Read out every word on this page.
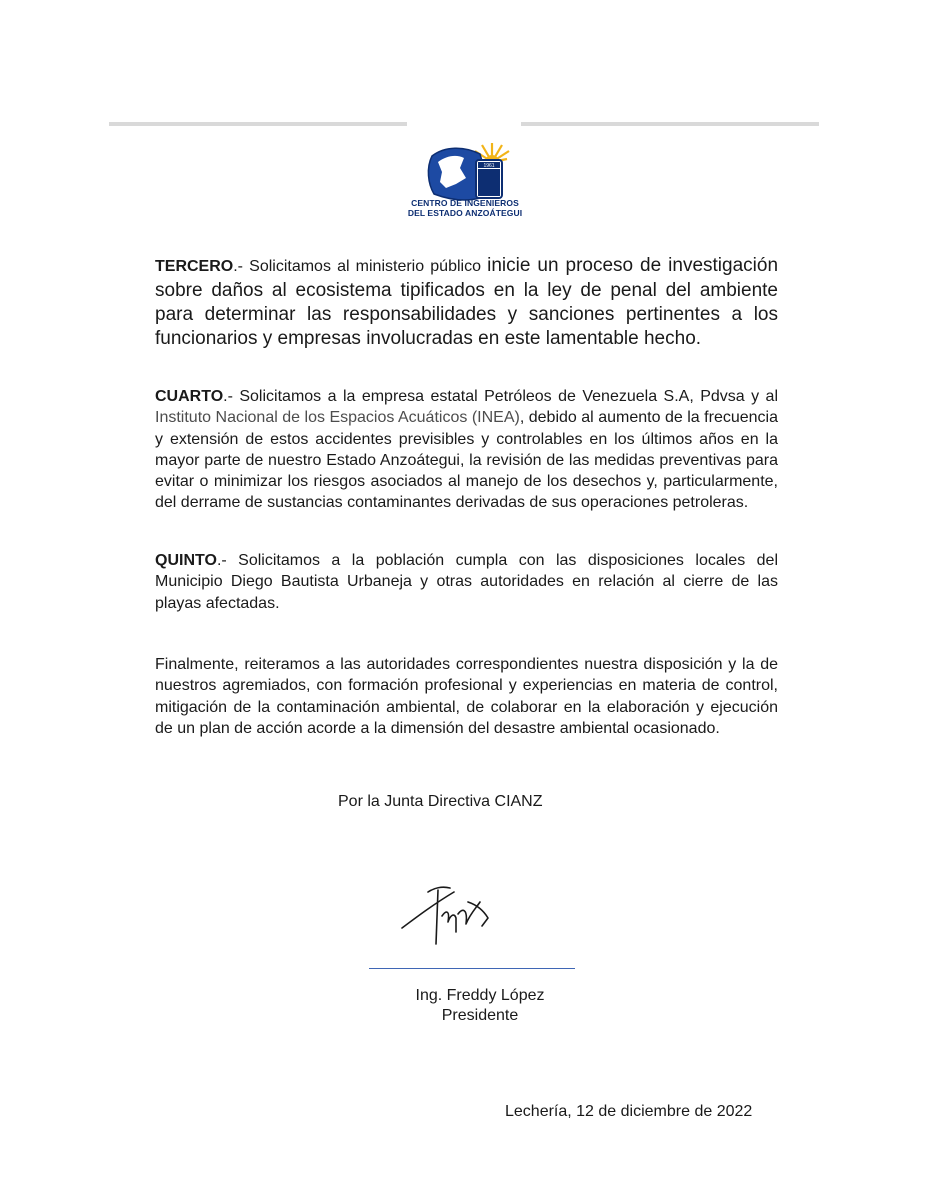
1961
CENTRO DE INGENIEROS
DEL ESTADO ANZOÁTEGUI

TERCERO.- Solicitamos al ministerio público inicie un proceso de investigación sobre daños al ecosistema tipificados en la ley de penal del ambiente para determinar las responsabilidades y sanciones pertinentes a los funcionarios y empresas involucradas en este lamentable hecho.

CUARTO.- Solicitamos a la empresa estatal Petróleos de Venezuela S.A, Pdvsa y al Instituto Nacional de los Espacios Acuáticos (INEA), debido al aumento de la frecuencia y extensión de estos accidentes previsibles y controlables en los últimos años en la mayor parte de nuestro Estado Anzoátegui, la revisión de las medidas preventivas para evitar o minimizar los riesgos asociados al manejo de los desechos y, particularmente, del derrame de sustancias contaminantes derivadas de sus operaciones petroleras.

QUINTO.- Solicitamos a la población cumpla con las disposiciones locales del Municipio Diego Bautista Urbaneja y otras autoridades en relación al cierre de las playas afectadas.

Finalmente, reiteramos a las autoridades correspondientes nuestra disposición y la de nuestros agremiados, con formación profesional y experiencias en materia de control, mitigación de la contaminación ambiental, de colaborar en la elaboración y ejecución de un plan de acción acorde a la dimensión del desastre ambiental ocasionado.

Por la Junta Directiva CIANZ
Ing. Freddy López
Presidente
Lechería, 12 de diciembre de 2022
